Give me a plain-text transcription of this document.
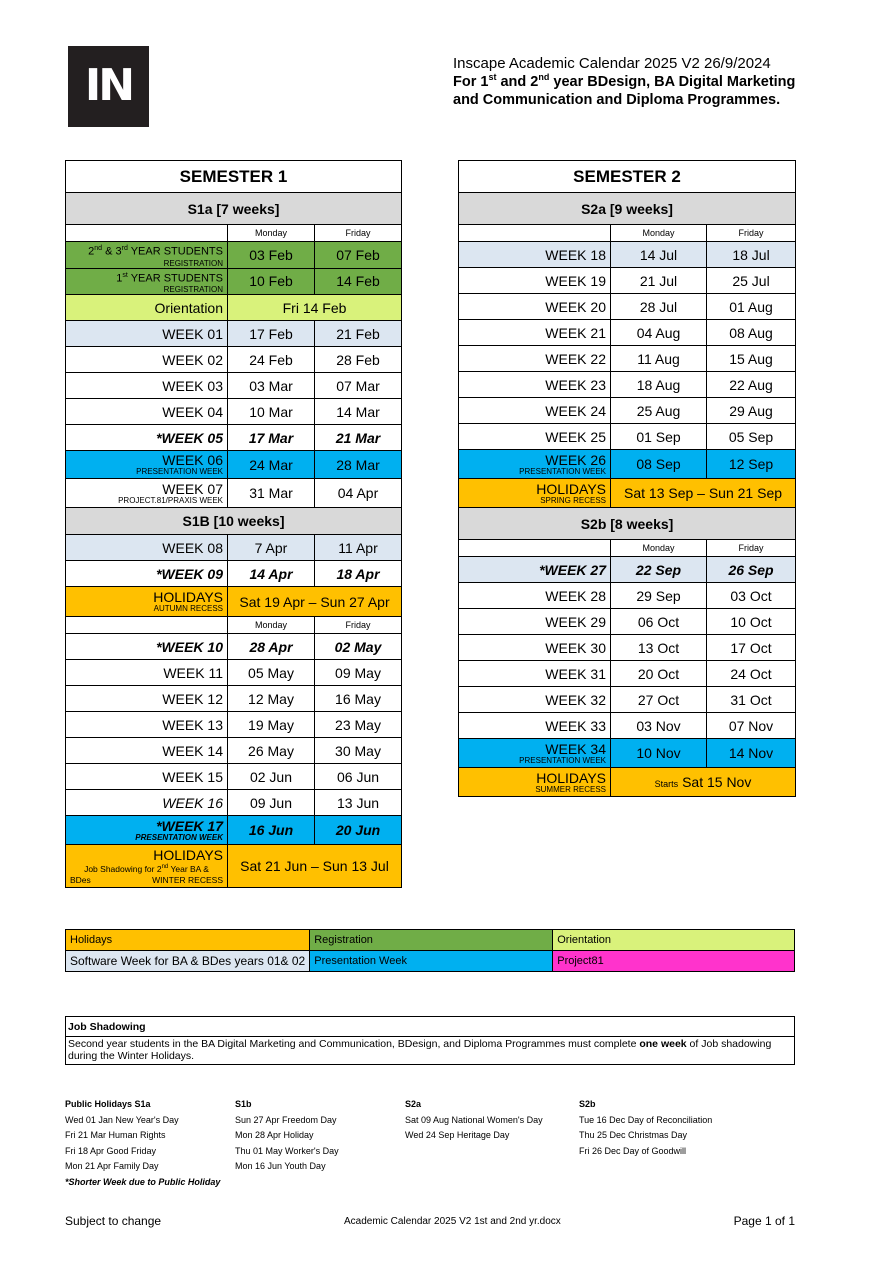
IN	Inscape Academic Calendar 2025 V2 26/9/2024
For 1st and 2nd year BDesign, BA Digital Marketing
and Communication and Diploma Programmes.
SEMESTER 1		
S1a [7 weeks]		
	Monday	Friday

2nd & 3rd YEAR STUDENTS
REGISTRATION	03 Feb	07 Feb

1st YEAR STUDENTS
REGISTRATION	10 Feb	14 Feb
Orientation	Fri 14 Feb	
WEEK 01	17 Feb	21 Feb
WEEK 02	24 Feb	28 Feb
WEEK 03	03 Mar	07 Mar
WEEK 04	10 Mar	14 Mar
*WEEK 05	17 Mar	21 Mar

WEEK 06
PRESENTATION WEEK	24 Mar	28 Mar

WEEK 07
PROJECT.81/PRAXIS WEEK	31 Mar	04 Apr
S1B [10 weeks]		
WEEK 08	7 Apr	11 Apr
*WEEK 09	14 Apr	18 Apr

HOLIDAYS
AUTUMN RECESS	Sat 19 Apr – Sun 27 Apr	
	Monday	Friday
*WEEK 10	28 Apr	02 May
WEEK 11	05 May	09 May
WEEK 12	12 May	16 May
WEEK 13	19 May	23 May
WEEK 14	26 May	30 May
WEEK 15	02 Jun	06 Jun
WEEK 16	09 Jun	13 Jun

*WEEK 17
PRESENTATION WEEK	16 Jun	20 Jun

HOLIDAYS
Job Shadowing for 2nd Year BA &
BDes WINTER RECESS	Sat 21 Jun – Sun 13 Jul	
SEMESTER 2		
S2a [9 weeks]		
	Monday	Friday
WEEK 18	14 Jul	18 Jul
WEEK 19	21 Jul	25 Jul
WEEK 20	28 Jul	01 Aug
WEEK 21	04 Aug	08 Aug
WEEK 22	11 Aug	15 Aug
WEEK 23	18 Aug	22 Aug
WEEK 24	25 Aug	29 Aug
WEEK 25	01 Sep	05 Sep

WEEK 26
PRESENTATION WEEK	08 Sep	12 Sep

HOLIDAYS
SPRING RECESS	Sat 13 Sep – Sun 21 Sep	
S2b [8 weeks]		
	Monday	Friday
*WEEK 27	22 Sep	26 Sep
WEEK 28	29 Sep	03 Oct
WEEK 29	06 Oct	10 Oct
WEEK 30	13 Oct	17 Oct
WEEK 31	20 Oct	24 Oct
WEEK 32	27 Oct	31 Oct
WEEK 33	03 Nov	07 Nov

WEEK 34
PRESENTATION WEEK	10 Nov	14 Nov

HOLIDAYS
SUMMER RECESS	Starts Sat 15 Nov	
Holidays	Registration	Orientation
Software Week for BA & BDes years 01& 02	Presentation Week	Project81
Job Shadowing
Second year students in the BA Digital Marketing and Communication, BDesign, and Diploma Programmes must complete one week of Job shadowing
during the Winter Holidays.
Public Holidays S1a
Wed 01 Jan New Year's Day
Fri 21 Mar Human Rights
Fri 18 Apr Good Friday
Mon 21 Apr Family Day
S1b
Sun 27 Apr Freedom Day
Mon 28 Apr Holiday
Thu 01 May Worker's Day
Mon 16 Jun Youth Day
S2a
Sat 09 Aug National Women's Day
Wed 24 Sep Heritage Day
S2b
Tue 16 Dec Day of Reconciliation
Thu 25 Dec Christmas Day
Fri 26 Dec Day of Goodwill
*Shorter Week due to Public Holiday
Subject to change	Academic Calendar 2025 V2 1st and 2nd yr.docx	Page 1 of 1
